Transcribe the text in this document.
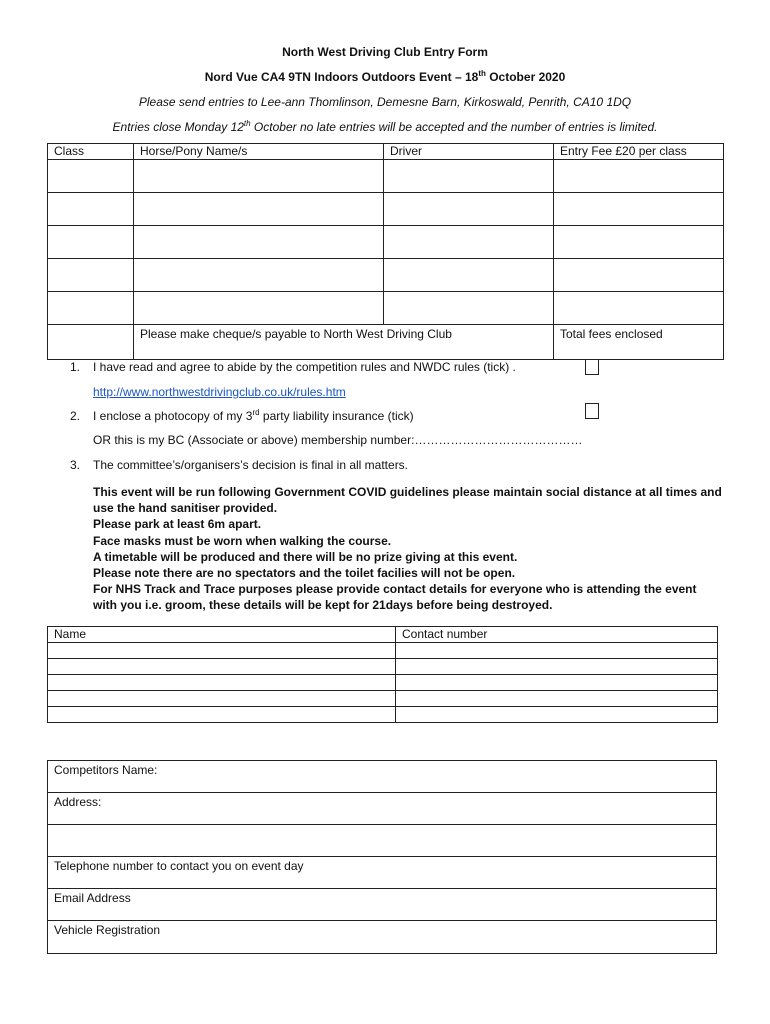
North West Driving Club Entry Form
Nord Vue CA4 9TN Indoors Outdoors Event – 18th October 2020
Please send entries to Lee-ann Thomlinson, Demesne Barn, Kirkoswald, Penrith, CA10 1DQ
Entries close Monday 12th October no late entries will be accepted and the number of entries is limited.
Class	Horse/Pony Name/s	Driver	Entry Fee £20 per class

	Please make cheque/s payable to North West Driving Club		Total fees enclosed
1. I have read and agree to abide by the competition rules and NWDC rules (tick) .
http://www.northwestdrivingclub.co.uk/rules.htm
2. I enclose a photocopy of my 3rd party liability insurance (tick)
OR this is my BC (Associate or above) membership number:……………………………………
3. The committee’s/organisers’s decision is final in all matters.
This event will be run following Government COVID guidelines please maintain social distance at all times and use the hand sanitiser provided.
Please park at least 6m apart.
Face masks must be worn when walking the course.
A timetable will be produced and there will be no prize giving at this event.
Please note there are no spectators and the toilet facilies will not be open.
For NHS Track and Trace purposes please provide contact details for everyone who is attending the event with you i.e. groom, these details will be kept for 21days before being destroyed.
Name	Contact number

Competitors Name:
Address:
Telephone number to contact you on event day
Email Address
Vehicle Registration
